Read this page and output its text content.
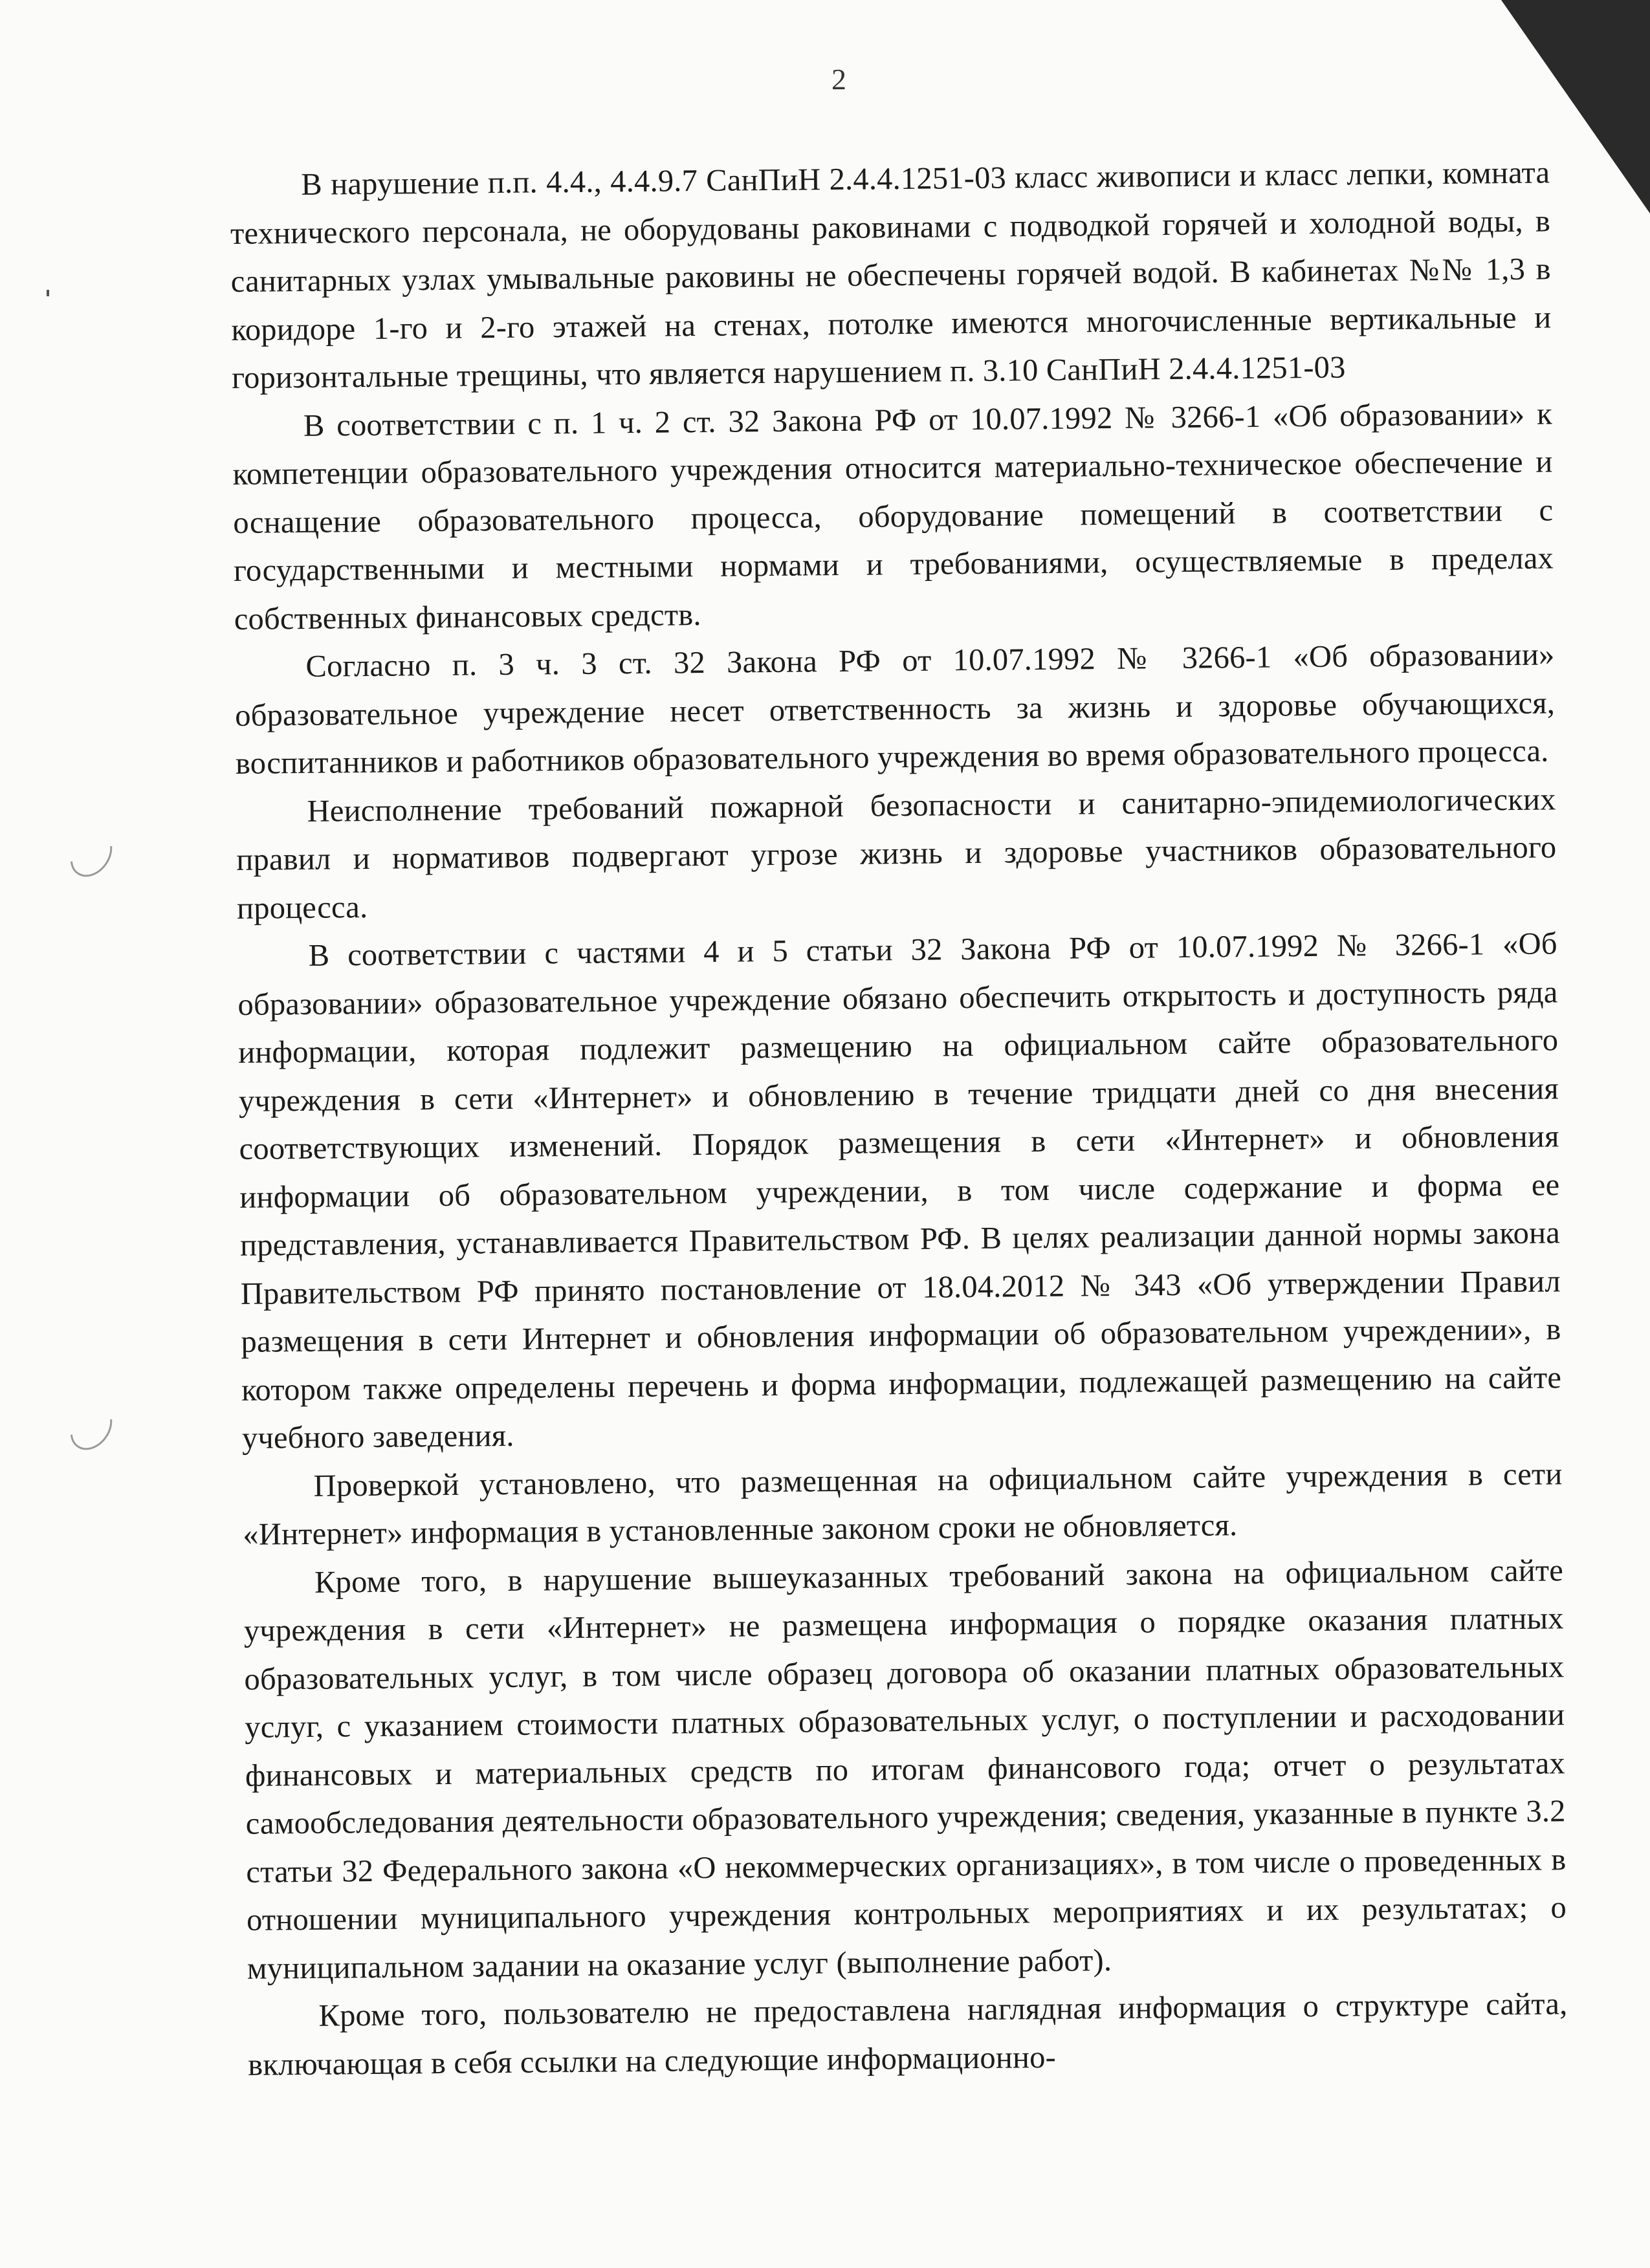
2

В нарушение п.п. 4.4., 4.4.9.7 СанПиН 2.4.4.1251-03 класс живописи и класс лепки, комната технического персонала, не оборудованы раковинами с подводкой горячей и холодной воды, в санитарных узлах умывальные раковины не обеспечены горячей водой. В кабинетах №№ 1,3 в коридоре 1-го и 2-го этажей на стенах, потолке имеются многочисленные вертикальные и горизонтальные трещины, что является нарушением п. 3.10 СанПиН 2.4.4.1251-03

В соответствии с п. 1 ч. 2 ст. 32 Закона РФ от 10.07.1992 № 3266-1 «Об образовании» к компетенции образовательного учреждения относится материально-техническое обеспечение и оснащение образовательного процесса, оборудование помещений в соответствии с государственными и местными нормами и требованиями, осуществляемые в пределах собственных финансовых средств.

Согласно п. 3 ч. 3 ст. 32 Закона РФ от 10.07.1992 № 3266-1 «Об образовании» образовательное учреждение несет ответственность за жизнь и здоровье обучающихся, воспитанников и работников образовательного учреждения во время образовательного процесса.

Неисполнение требований пожарной безопасности и санитарно-эпидемиологических правил и нормативов подвергают угрозе жизнь и здоровье участников образовательного процесса.

В соответствии с частями 4 и 5 статьи 32 Закона РФ от 10.07.1992 № 3266-1 «Об образовании» образовательное учреждение обязано обеспечить открытость и доступность ряда информации, которая подлежит размещению на официальном сайте образовательного учреждения в сети «Интернет» и обновлению в течение тридцати дней со дня внесения соответствующих изменений. Порядок размещения в сети «Интернет» и обновления информации об образовательном учреждении, в том числе содержание и форма ее представления, устанавливается Правительством РФ. В целях реализации данной нормы закона Правительством РФ принято постановление от 18.04.2012 № 343 «Об утверждении Правил размещения в сети Интернет и обновления информации об образовательном учреждении», в котором также определены перечень и форма информации, подлежащей размещению на сайте учебного заведения.

Проверкой установлено, что размещенная на официальном сайте учреждения в сети «Интернет» информация в установленные законом сроки не обновляется.

Кроме того, в нарушение вышеуказанных требований закона на официальном сайте учреждения в сети «Интернет» не размещена информация о порядке оказания платных образовательных услуг, в том числе образец договора об оказании платных образовательных услуг, с указанием стоимости платных образовательных услуг, о поступлении и расходовании финансовых и материальных средств по итогам финансового года; отчет о результатах самообследования деятельности образовательного учреждения; сведения, указанные в пункте 3.2 статьи 32 Федерального закона «О некоммерческих организациях», в том числе о проведенных в отношении муниципального учреждения контрольных мероприятиях и их результатах; о муниципальном задании на оказание услуг (выполнение работ).

Кроме того, пользователю не предоставлена наглядная информация о структуре сайта, включающая в себя ссылки на следующие информационно-
